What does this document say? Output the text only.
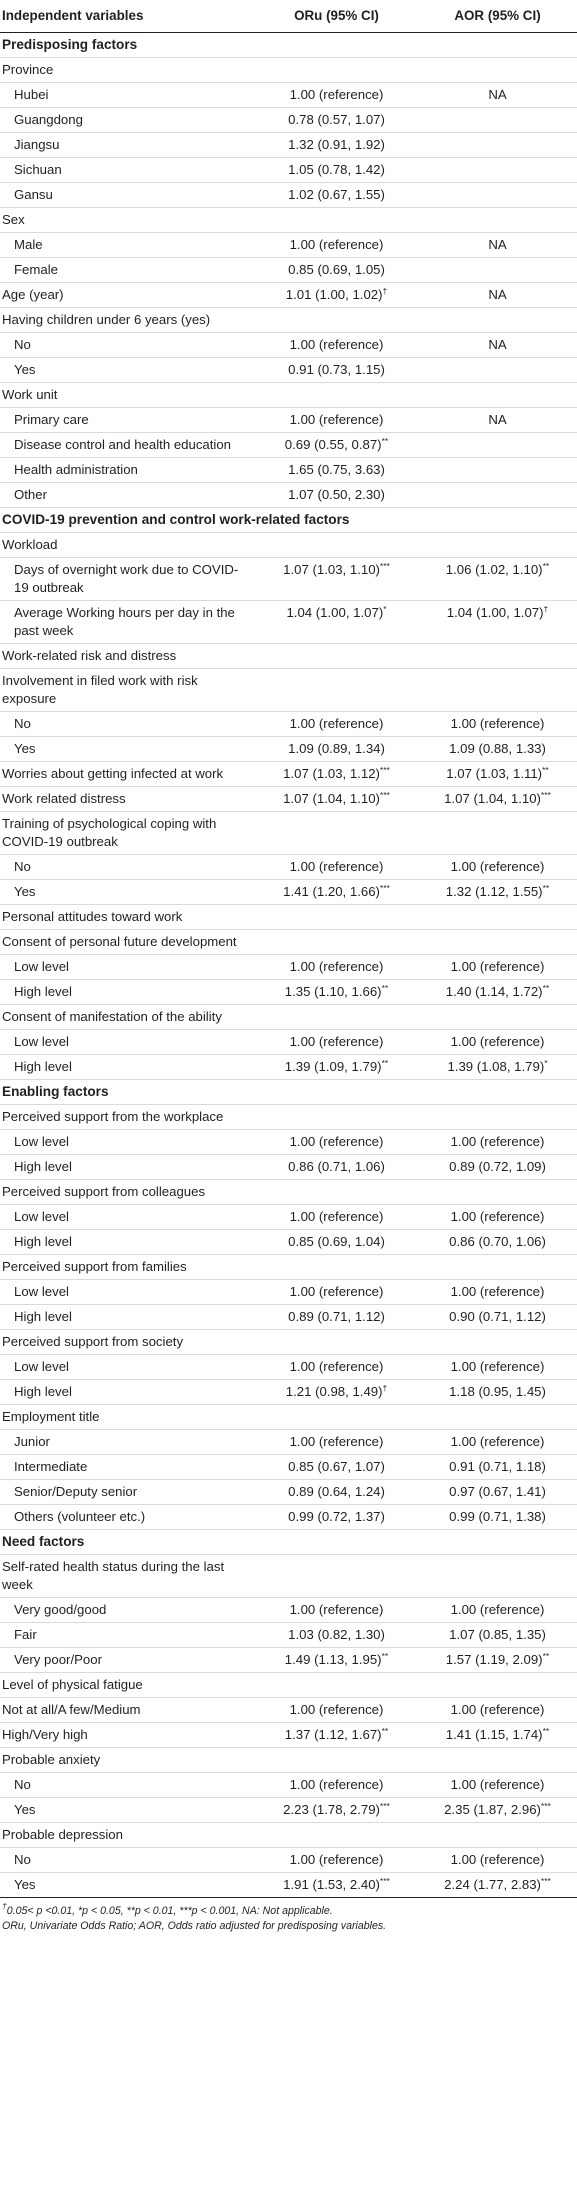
Independent variables	ORu (95% CI)	AOR (95% CI)
Predisposing factors		
Province		
Hubei	1.00 (reference)	NA
Guangdong	0.78 (0.57, 1.07)	
Jiangsu	1.32 (0.91, 1.92)	
Sichuan	1.05 (0.78, 1.42)	
Gansu	1.02 (0.67, 1.55)	
Sex		
Male	1.00 (reference)	NA
Female	0.85 (0.69, 1.05)	
Age (year)	1.01 (1.00, 1.02)†	NA
Having children under 6 years (yes)		
No	1.00 (reference)	NA
Yes	0.91 (0.73, 1.15)	
Work unit		
Primary care	1.00 (reference)	NA
Disease control and health education	0.69 (0.55, 0.87)**	
Health administration	1.65 (0.75, 3.63)	
Other	1.07 (0.50, 2.30)	
COVID-19 prevention and control work-related factors		
Workload		
Days of overnight work due to COVID-19 outbreak	1.07 (1.03, 1.10)***	1.06 (1.02, 1.10)**
Average Working hours per day in the past week	1.04 (1.00, 1.07)*	1.04 (1.00, 1.07)†
Work-related risk and distress		
Involvement in filed work with risk exposure		
No	1.00 (reference)	1.00 (reference)
Yes	1.09 (0.89, 1.34)	1.09 (0.88, 1.33)
Worries about getting infected at work	1.07 (1.03, 1.12)***	1.07 (1.03, 1.11)**
Work related distress	1.07 (1.04, 1.10)***	1.07 (1.04, 1.10)***
Training of psychological coping with COVID-19 outbreak		
No	1.00 (reference)	1.00 (reference)
Yes	1.41 (1.20, 1.66)***	1.32 (1.12, 1.55)**
Personal attitudes toward work		
Consent of personal future development		
Low level	1.00 (reference)	1.00 (reference)
High level	1.35 (1.10, 1.66)**	1.40 (1.14, 1.72)**
Consent of manifestation of the ability		
Low level	1.00 (reference)	1.00 (reference)
High level	1.39 (1.09, 1.79)**	1.39 (1.08, 1.79)*
Enabling factors		
Perceived support from the workplace		
Low level	1.00 (reference)	1.00 (reference)
High level	0.86 (0.71, 1.06)	0.89 (0.72, 1.09)
Perceived support from colleagues		
Low level	1.00 (reference)	1.00 (reference)
High level	0.85 (0.69, 1.04)	0.86 (0.70, 1.06)
Perceived support from families		
Low level	1.00 (reference)	1.00 (reference)
High level	0.89 (0.71, 1.12)	0.90 (0.71, 1.12)
Perceived support from society		
Low level	1.00 (reference)	1.00 (reference)
High level	1.21 (0.98, 1.49)†	1.18 (0.95, 1.45)
Employment title		
Junior	1.00 (reference)	1.00 (reference)
Intermediate	0.85 (0.67, 1.07)	0.91 (0.71, 1.18)
Senior/Deputy senior	0.89 (0.64, 1.24)	0.97 (0.67, 1.41)
Others (volunteer etc.)	0.99 (0.72, 1.37)	0.99 (0.71, 1.38)
Need factors		
Self-rated health status during the last week		
Very good/good	1.00 (reference)	1.00 (reference)
Fair	1.03 (0.82, 1.30)	1.07 (0.85, 1.35)
Very poor/Poor	1.49 (1.13, 1.95)**	1.57 (1.19, 2.09)**
Level of physical fatigue		
Not at all/A few/Medium	1.00 (reference)	1.00 (reference)
High/Very high	1.37 (1.12, 1.67)**	1.41 (1.15, 1.74)**
Probable anxiety		
No	1.00 (reference)	1.00 (reference)
Yes	2.23 (1.78, 2.79)***	2.35 (1.87, 2.96)***
Probable depression		
No	1.00 (reference)	1.00 (reference)
Yes	1.91 (1.53, 2.40)***	2.24 (1.77, 2.83)***
†0.05< p <0.01, *p < 0.05, **p < 0.01, ***p < 0.001, NA: Not applicable.
ORu, Univariate Odds Ratio; AOR, Odds ratio adjusted for predisposing variables.
